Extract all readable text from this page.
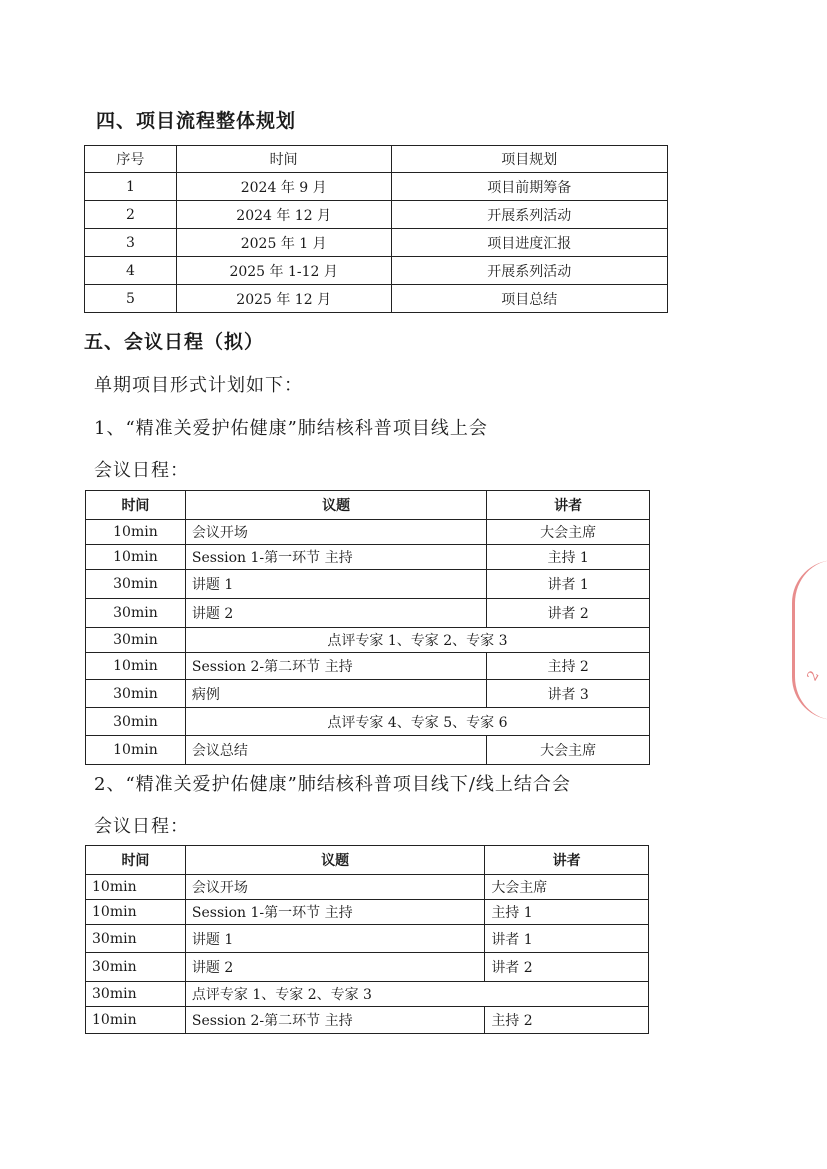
四、项目流程整体规划
序号	时间	项目规划
1	2024 年 9 月	项目前期筹备
2	2024 年 12 月	开展系列活动
3	2025 年 1 月	项目进度汇报
4	2025 年 1-12 月	开展系列活动
5	2025 年 12 月	项目总结
五、会议日程（拟）
单期项目形式计划如下：
1、“精准关爱护佑健康”肺结核科普项目线上会
会议日程：
时间	议题	讲者
10min	会议开场	大会主席
10min	Session 1-第一环节 主持	主持 1
30min	讲题 1	讲者 1
30min	讲题 2	讲者 2
30min	点评专家 1、专家 2、专家 3	
10min	Session 2-第二环节 主持	主持 2
30min	病例	讲者 3
30min	点评专家 4、专家 5、专家 6	
10min	会议总结	大会主席
2、“精准关爱护佑健康”肺结核科普项目线下/线上结合会
会议日程：
时间	议题	讲者
10min	会议开场	大会主席
10min	Session 1-第一环节 主持	主持 1
30min	讲题 1	讲者 1
30min	讲题 2	讲者 2
30min	点评专家 1、专家 2、专家 3	
10min	Session 2-第二环节 主持	主持 2
2
